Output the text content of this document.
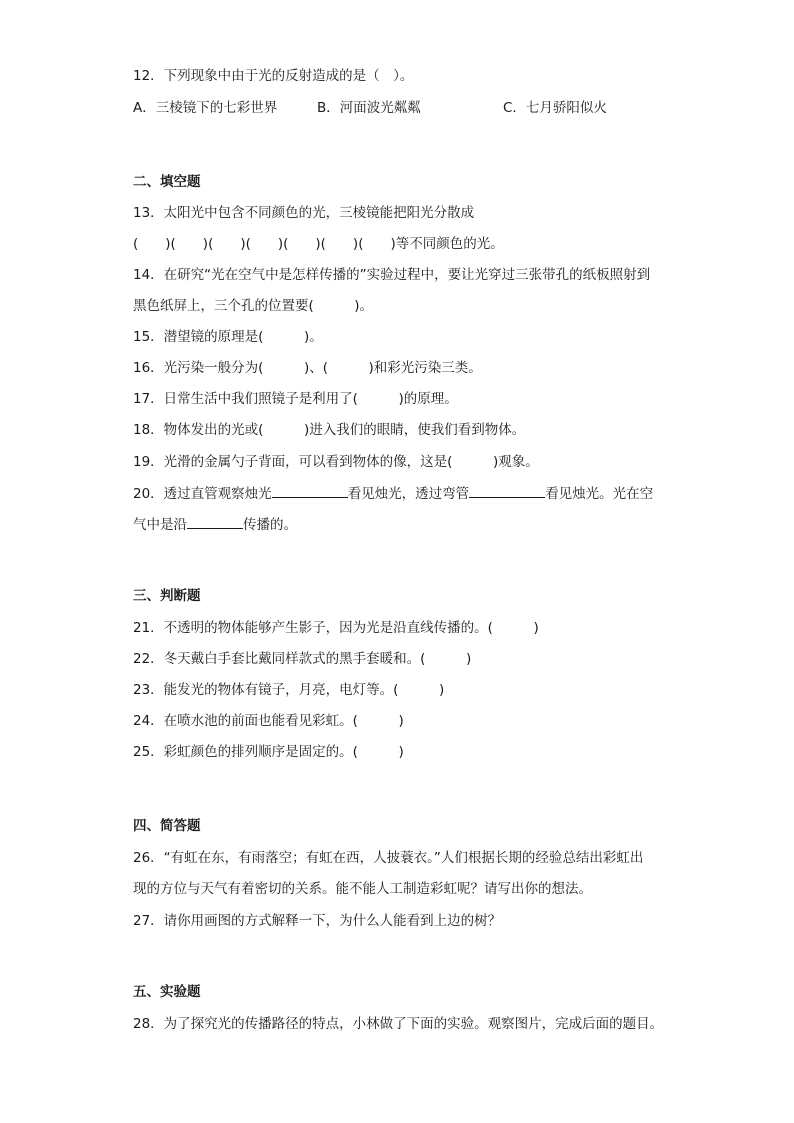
12．下列现象中由于光的反射造成的是（　）。
A．三棱镜下的七彩世界	B．河面波光粼粼	C．七月骄阳似火
二、填空题
13．太阳光中包含不同颜色的光，三棱镜能把阳光分散成
(　　)(　　)(　　)(　　)(　　)(　　)(　　)等不同颜色的光。
14．在研究“光在空气中是怎样传播的”实验过程中，要让光穿过三张带孔的纸板照射到
黑色纸屏上，三个孔的位置要(　　　)。
15．潜望镜的原理是(　　　)。
16．光污染一般分为(　　　)、(　　　)和彩光污染三类。
17．日常生活中我们照镜子是利用了(　　　)的原理。
18．物体发出的光或(　　　)进入我们的眼睛，使我们看到物体。
19．光滑的金属勺子背面，可以看到物体的像，这是(　　　)观象。
20．透过直管观察烛光	看见烛光，透过弯管	看见烛光。光在空
气中是沿	传播的。
三、判断题
21．不透明的物体能够产生影子，因为光是沿直线传播的。(　　　)
22．冬天戴白手套比戴同样款式的黑手套暖和。(　　　)
23．能发光的物体有镜子，月亮，电灯等。(　　　)
24．在喷水池的前面也能看见彩虹。(　　　)
25．彩虹颜色的排列顺序是固定的。(　　　)
四、简答题
26．“有虹在东，有雨落空；有虹在西，人披蓑衣。”人们根据长期的经验总结出彩虹出
现的方位与天气有着密切的关系。能不能人工制造彩虹呢？请写出你的想法。
27．请你用画图的方式解释一下，为什么人能看到上边的树？
五、实验题
28．为了探究光的传播路径的特点，小林做了下面的实验。观察图片，完成后面的题目。
